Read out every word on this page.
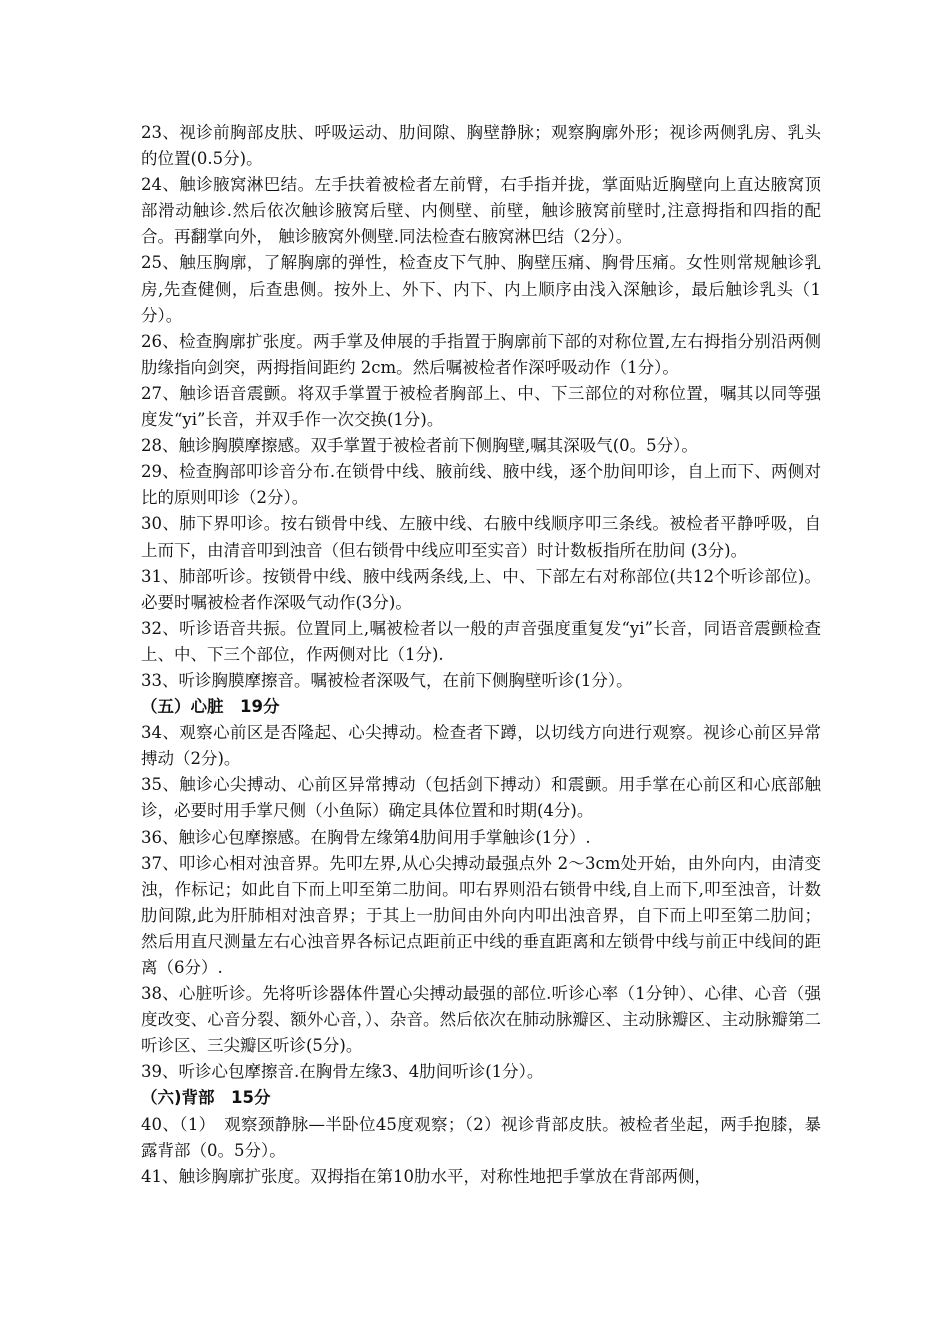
23、视诊前胸部皮肤、呼吸运动、肋间隙、胸壁静脉；观察胸廓外形；视诊两侧乳房、乳头的位置(0.5分)。

24、触诊腋窝淋巴结。左手扶着被检者左前臂，右手指并拢，掌面贴近胸壁向上直达腋窝顶部滑动触诊.然后依次触诊腋窝后壁、内侧壁、前壁，触诊腋窝前壁时,注意拇指和四指的配合。再翻掌向外， 触诊腋窝外侧壁.同法检查右腋窝淋巴结（2分）。

25、触压胸廓，了解胸廓的弹性，检查皮下气肿、胸壁压痛、胸骨压痛。女性则常规触诊乳房,先查健侧，后查患侧。按外上、外下、内下、内上顺序由浅入深触诊，最后触诊乳头（1分）。

26、检查胸廓扩张度。两手掌及伸展的手指置于胸廓前下部的对称位置,左右拇指分别沿两侧肋缘指向剑突，两拇指间距约 2cm。然后嘱被检者作深呼吸动作（1分）。

27、触诊语音震颤。将双手掌置于被检者胸部上、中、下三部位的对称位置，嘱其以同等强度发“yi”长音，并双手作一次交换(1分)。

28、触诊胸膜摩擦感。双手掌置于被检者前下侧胸壁,嘱其深吸气(0。5分）。

29、检查胸部叩诊音分布.在锁骨中线、腋前线、腋中线，逐个肋间叩诊，自上而下、两侧对比的原则叩诊（2分）。

30、肺下界叩诊。按右锁骨中线、左腋中线、右腋中线顺序叩三条线。被检者平静呼吸，自上而下，由清音叩到浊音（但右锁骨中线应叩至实音）时计数板指所在肋间 (3分)。

31、肺部听诊。按锁骨中线、腋中线两条线,上、中、下部左右对称部位(共12个听诊部位)。必要时嘱被检者作深吸气动作(3分)。

32、听诊语音共振。位置同上,嘱被检者以一般的声音强度重复发“yi”长音，同语音震颤检查上、中、下三个部位，作两侧对比（1分).

33、听诊胸膜摩擦音。嘱被检者深吸气，在前下侧胸壁听诊(1分）。

（五）心脏　19分

34、观察心前区是否隆起、心尖搏动。检查者下蹲，以切线方向进行观察。视诊心前区异常搏动（2分)。

35、触诊心尖搏动、心前区异常搏动（包括剑下搏动）和震颤。用手掌在心前区和心底部触诊，必要时用手掌尺侧（小鱼际）确定具体位置和时期(4分)。

36、触诊心包摩擦感。在胸骨左缘第4肋间用手掌触诊(1分）.

37、叩诊心相对浊音界。先叩左界,从心尖搏动最强点外 2～3cm处开始，由外向内，由清变浊，作标记；如此自下而上叩至第二肋间。叩右界则沿右锁骨中线,自上而下,叩至浊音，计数肋间隙,此为肝肺相对浊音界；于其上一肋间由外向内叩出浊音界，自下而上叩至第二肋间；然后用直尺测量左右心浊音界各标记点距前正中线的垂直距离和左锁骨中线与前正中线间的距离（6分）.

38、心脏听诊。先将听诊器体件置心尖搏动最强的部位.听诊心率（1分钟）、心律、心音（强度改变、心音分裂、额外心音，）、杂音。然后依次在肺动脉瓣区、主动脉瓣区、主动脉瓣第二听诊区、三尖瓣区听诊(5分)。

39、听诊心包摩擦音.在胸骨左缘3、4肋间听诊(1分）。

（六)背部　15分

40、（1）　观察颈静脉—半卧位45度观察；（2）视诊背部皮肤。被检者坐起，两手抱膝，暴露背部（0。5分）。

41、触诊胸廓扩张度。双拇指在第10肋水平，对称性地把手掌放在背部两侧，
